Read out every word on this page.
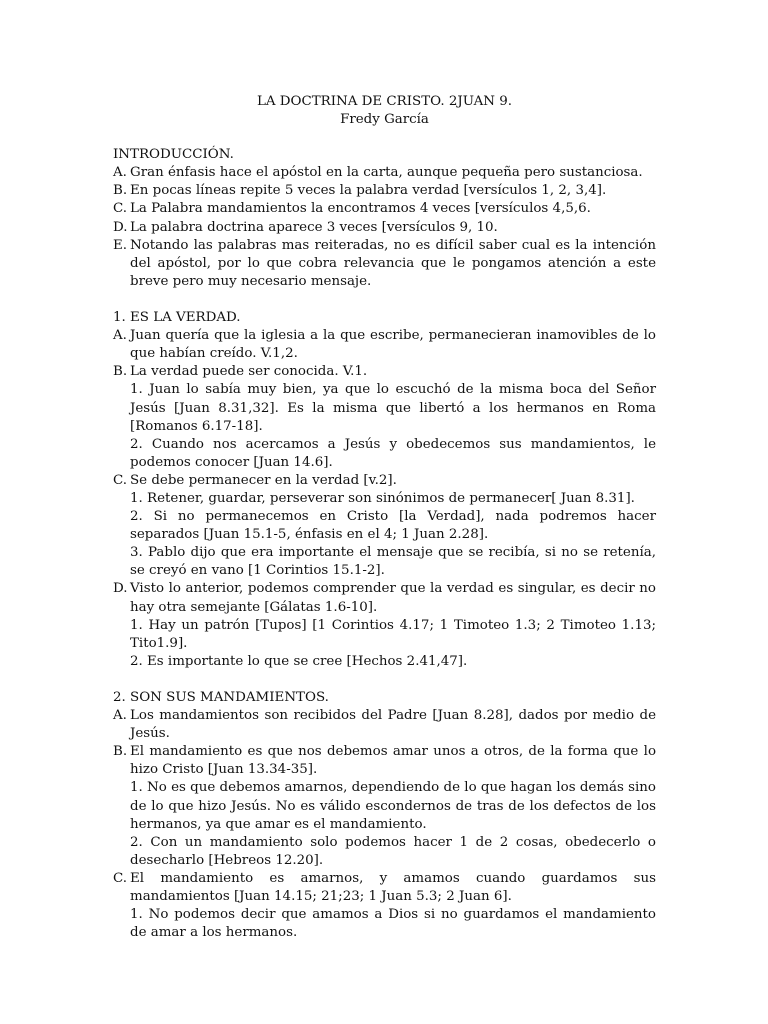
LA DOCTRINA DE CRISTO. 2JUAN 9.
Fredy García
INTRODUCCIÓN.
A. Gran énfasis hace el apóstol en la carta, aunque pequeña pero sustanciosa.
B. En pocas líneas repite 5 veces la palabra verdad [versículos 1, 2, 3,4].
C. La Palabra mandamientos la encontramos 4 veces [versículos 4,5,6.
D. La palabra doctrina aparece 3 veces [versículos 9, 10.
E. Notando las palabras mas reiteradas, no es difícil saber cual es la intención del apóstol, por lo que cobra relevancia que le pongamos atención a este breve pero muy necesario mensaje.
1. ES LA VERDAD.
A. Juan quería que la iglesia a la que escribe, permanecieran inamovibles de lo que habían creído. V.1,2.
B. La verdad puede ser conocida. V.1.
1. Juan lo sabía muy bien, ya que lo escuchó de la misma boca del Señor Jesús [Juan 8.31,32]. Es la misma que libertó a los hermanos en Roma [Romanos 6.17-18].
2. Cuando nos acercamos a Jesús y obedecemos sus mandamientos, le podemos conocer [Juan 14.6].
C. Se debe permanecer en la verdad [v.2].
1. Retener, guardar, perseverar son sinónimos de permanecer[ Juan 8.31].
2. Si no permanecemos en Cristo [la Verdad], nada podremos hacer separados [Juan 15.1-5, énfasis en el 4; 1 Juan 2.28].
3. Pablo dijo que era importante el mensaje que se recibía, si no se retenía, se creyó en vano [1 Corintios 15.1-2].
D. Visto lo anterior, podemos comprender que la verdad es singular, es decir no hay otra semejante [Gálatas 1.6-10].
1. Hay un patrón [Tupos] [1 Corintios 4.17; 1 Timoteo 1.3; 2 Timoteo 1.13; Tito1.9].
2. Es importante lo que se cree [Hechos 2.41,47].
2. SON SUS MANDAMIENTOS.
A. Los mandamientos son recibidos del Padre [Juan 8.28], dados por medio de Jesús.
B. El mandamiento es que nos debemos amar unos a otros, de la forma que lo hizo Cristo [Juan 13.34-35].
1. No es que debemos amarnos, dependiendo de lo que hagan los demás sino de lo que hizo Jesús. No es válido escondernos de tras de los defectos de los hermanos, ya que amar es el mandamiento.
2. Con un mandamiento solo podemos hacer 1 de 2 cosas, obedecerlo o desecharlo [Hebreos 12.20].
C. El mandamiento es amarnos, y amamos cuando guardamos sus mandamientos [Juan 14.15; 21;23; 1 Juan 5.3; 2 Juan 6].
1. No podemos decir que amamos a Dios si no guardamos el mandamiento de amar a los hermanos.
